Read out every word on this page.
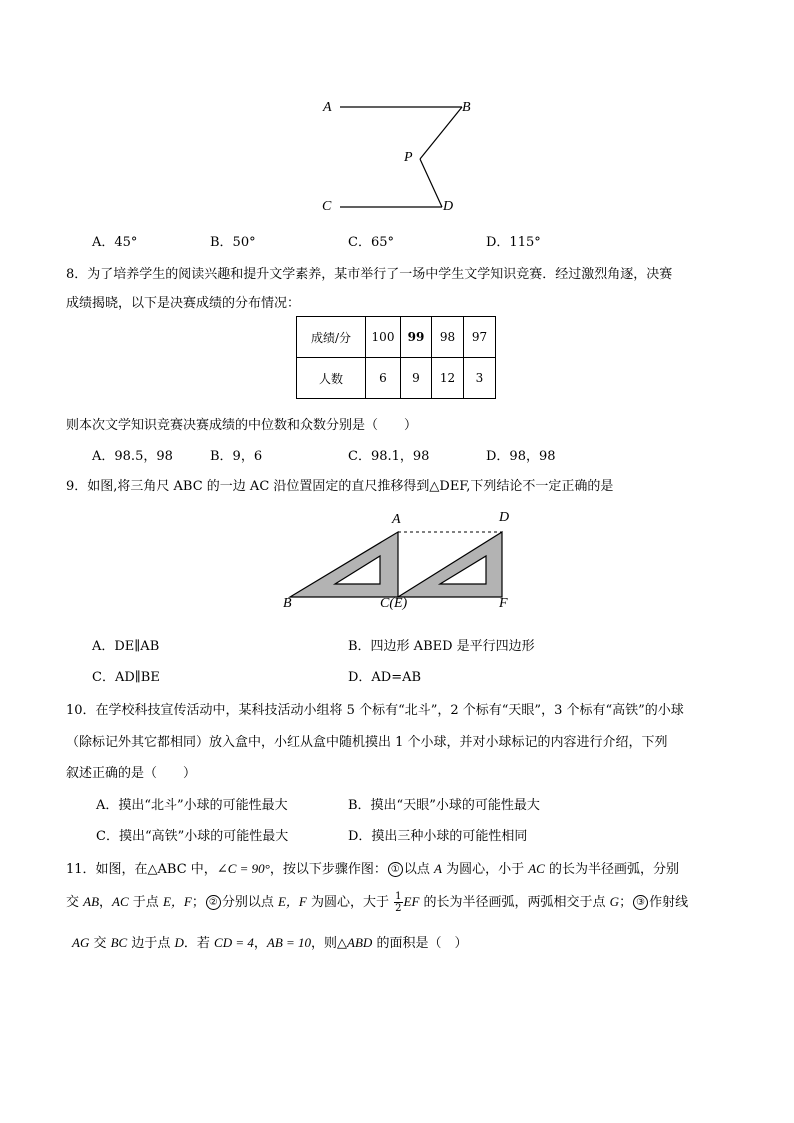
A	B
P
C	D
A．45°	B．50°	C．65°	D．115°
8．为了培养学生的阅读兴趣和提升文学素养，某市举行了一场中学生文学知识竞赛．经过激烈角逐，决赛
成绩揭晓，以下是决赛成绩的分布情况：
成绩/分	100	99	98	97
人数	6	9	12	3
则本次文学知识竞赛决赛成绩的中位数和众数分别是（　　）
A．98.5，98	B．9，6	C．98.1，98	D．98，98
9．如图,将三角尺 ABC 的一边 AC 沿位置固定的直尺推移得到△DEF,下列结论不一定正确的是
A	D
B	C(E)	F
A．DE∥AB	B．四边形 ABED 是平行四边形
C．AD∥BE	D．AD=AB
10．在学校科技宣传活动中，某科技活动小组将 5 个标有“北斗”，2 个标有“天眼”，3 个标有“高铁”的小球
（除标记外其它都相同）放入盒中，小红从盒中随机摸出 1 个小球，并对小球标记的内容进行介绍，下列
叙述正确的是（　　）
A．摸出“北斗”小球的可能性最大	B．摸出“天眼”小球的可能性最大
C．摸出“高铁”小球的可能性最大	D．摸出三种小球的可能性相同
11．如图，在△ABC 中，∠C = 90°，按以下步骤作图： ① 以点 A 为圆心，小于 AC 的长为半径画弧，分别
交 AB，AC 于点 E，F； ② 分别以点 E，F 为圆心，大于 $\frac{1}{2}$ EF 的长为半径画弧，两弧相交于点 G； ③ 作射线
AG 交 BC 边于点 D．若 CD = 4，AB = 10，则△ABD 的面积是（　）
